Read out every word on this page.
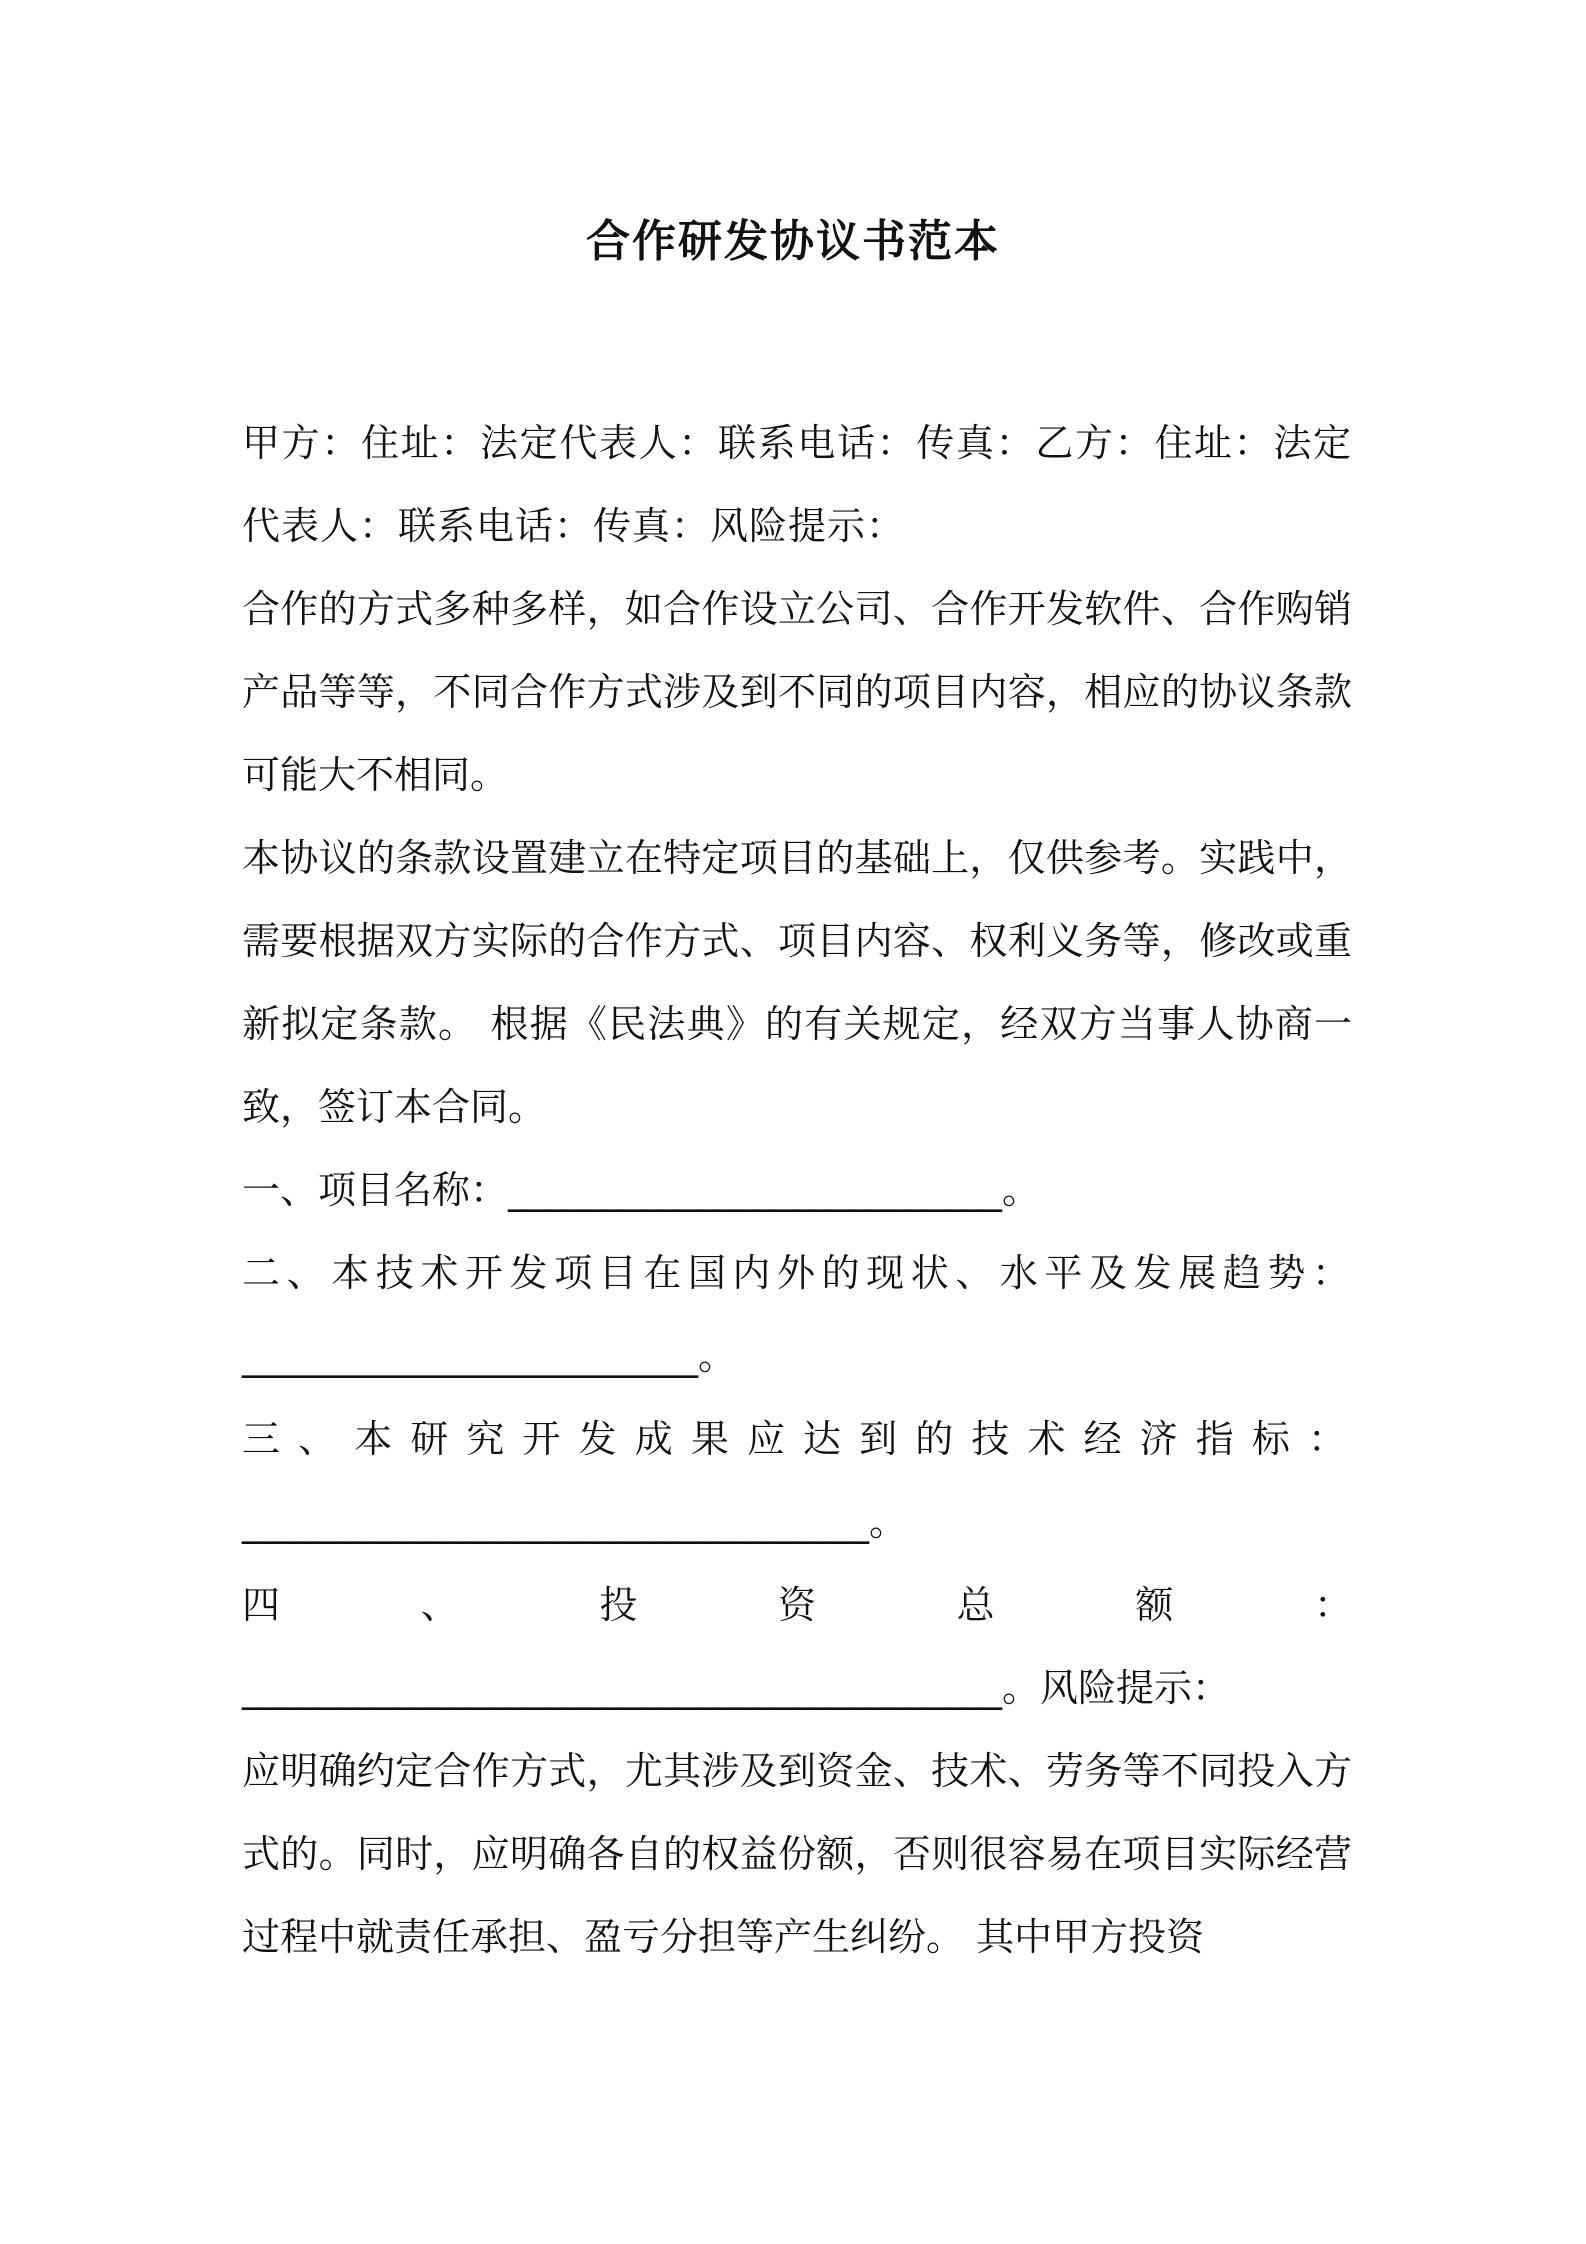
合作研发协议书范本

甲方：住址：法定代表人：联系电话：传真：乙方：住址：法定代表人：联系电话：传真：风险提示：

合作的方式多种多样，如合作设立公司、合作开发软件、合作购销产品等等，不同合作方式涉及到不同的项目内容，相应的协议条款可能大不相同。

本协议的条款设置建立在特定项目的基础上，仅供参考。实践中，需要根据双方实际的合作方式、项目内容、权利义务等，修改或重新拟定条款。 根据《民法典》的有关规定，经双方当事人协商一致，签订本合同。

一、项目名称：__________________________。

二、本技术开发项目在国内外的现状、水平及发展趋势：

________________________。

三、本研究开发成果应达到的技术经济指标：

_________________________________。

四、投资总额：

________________________________________。风险提示：

应明确约定合作方式，尤其涉及到资金、技术、劳务等不同投入方式的。同时，应明确各自的权益份额，否则很容易在项目实际经营过程中就责任承担、盈亏分担等产生纠纷。 其中甲方投资
